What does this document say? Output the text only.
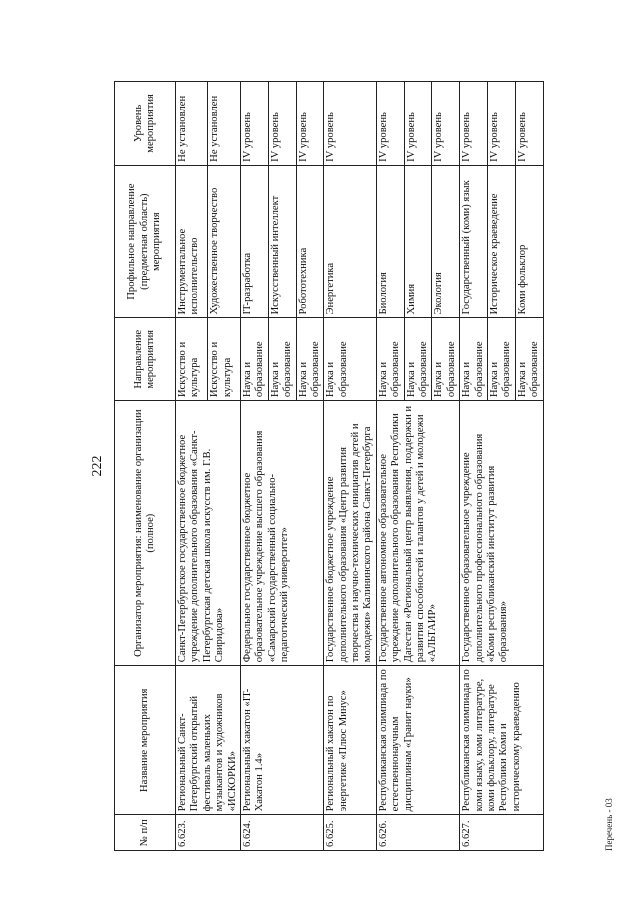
222
№ п/п	Название мероприятия	Организатор мероприятия: наименование организации (полное)	Направление мероприятия	Профильное направление (предметная область) мероприятия	Уровень мероприятия
6.623.	Региональный Санкт-Петербургский открытый фестиваль маленьких музыкантов и художников «ИСКОРКИ»	Санкт-Петербургское государственное бюджетное учреждение дополнительного образования «Санкт-Петербургская детская школа искусств им. Г.В. Свиридова»	Искусство и культура	Инструментальное исполнительство	Не установлен
			Искусство и культура	Художественное творчество	Не установлен
6.624.	Региональный хакатон «IT-Хакатон 1.4»	Федеральное государственное бюджетное образовательное учреждение высшего образования «Самарский государственный социально-педагогический университет»	Наука и образование	IT-разработка	IV уровень
			Наука и образование	Искусственный интеллект	IV уровень
			Наука и образование	Робототехника	IV уровень
6.625.	Региональный хакатон по энергетике «Плюс Минус»	Государственное бюджетное учреждение дополнительного образования «Центр развития творчества и научно-технических инициатив детей и молодежи» Калининского района Санкт-Петербурга	Наука и образование	Энергетика	IV уровень
6.626.	Республиканская олимпиада по естественнонаучным дисциплинам «Гранит науки»	Государственное автономное образовательное учреждение дополнительного образования Республики Дагестан «Региональный центр выявления, поддержки и развития способностей и талантов у детей и молодежи «АЛЬТАИР»	Наука и образование	Биология	IV уровень
			Наука и образование	Химия	IV уровень
			Наука и образование	Экология	IV уровень
6.627.	Республиканская олимпиада по коми языку, коми литературе, коми фольклору, литературе Республики Коми и историческому краеведению	Государственное образовательное учреждение дополнительного профессионального образования «Коми республиканский институт развития образования»	Наука и образование	Государственный (коми) язык	IV уровень
			Наука и образование	Историческое краеведение	IV уровень
			Наука и образование	Коми фольклор	IV уровень
Перечень - 03
